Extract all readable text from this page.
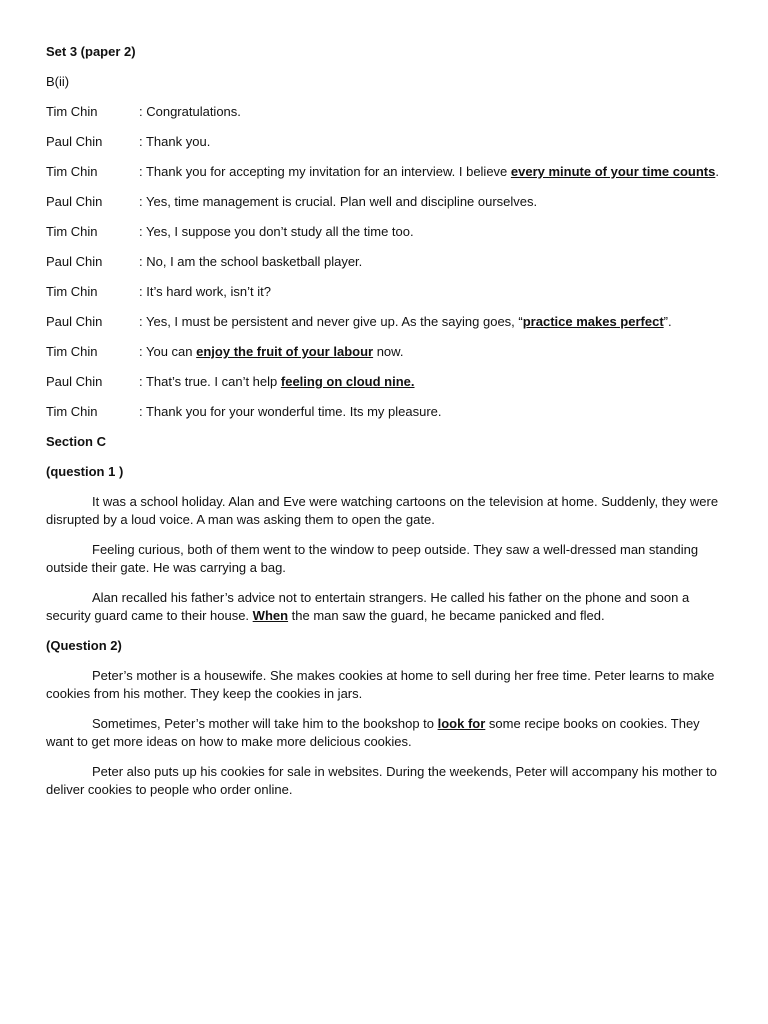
Set 3 (paper 2)
B(ii)
Tim Chin	: Congratulations.
Paul Chin	: Thank you.
Tim Chin	: Thank you for accepting my invitation for an interview. I believe every minute of your time counts.
Paul Chin	: Yes, time management is crucial. Plan well and discipline ourselves.
Tim Chin	: Yes, I suppose you don’t study all the time too.
Paul Chin	: No, I am the school basketball player.
Tim Chin	: It’s hard work, isn’t it?
Paul Chin	: Yes, I must be persistent and never give up. As the saying goes, “practice makes perfect”.
Tim Chin	: You can enjoy the fruit of your labour now.
Paul Chin	: That’s true. I can’t help feeling on cloud nine.
Tim Chin	: Thank you for your wonderful time. Its my pleasure.
Section C
(question 1 )

It was a school holiday. Alan and Eve were watching cartoons on the television at home. Suddenly, they were disrupted by a loud voice. A man was asking them to open the gate.

Feeling curious, both of them went to the window to peep outside. They saw a well-dressed man standing outside their gate. He was carrying a bag.

Alan recalled his father’s advice not to entertain strangers. He called his father on the phone and soon a security guard came to their house. When the man saw the guard, he became panicked and fled.

(Question 2)

Peter’s mother is a housewife. She makes cookies at home to sell during her free time. Peter learns to make cookies from his mother. They keep the cookies in jars.

Sometimes, Peter’s mother will take him to the bookshop to look for some recipe books on cookies. They want to get more ideas on how to make more delicious cookies.

Peter also puts up his cookies for sale in websites. During the weekends, Peter will accompany his mother to deliver cookies to people who order online.
